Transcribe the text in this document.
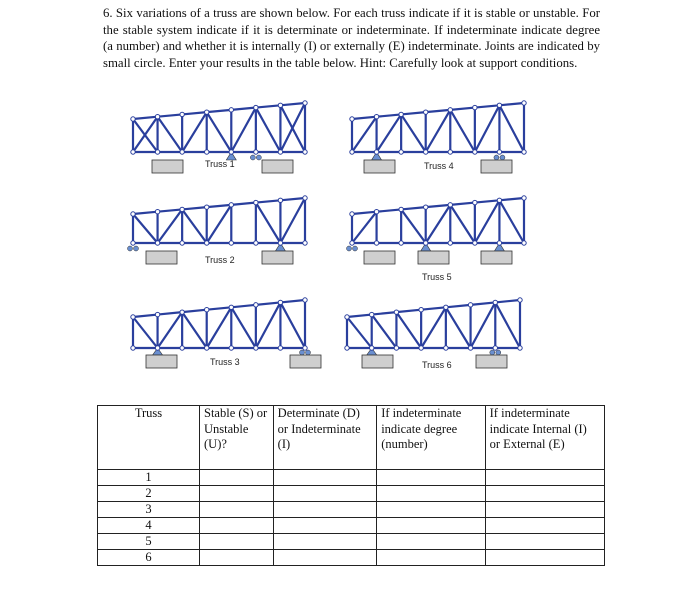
6. Six variations of a truss are shown below. For each truss indicate if it is stable or unstable. For the stable system indicate if it is determinate or indeterminate. If indeterminate indicate degree (a number) and whether it is internally (I) or externally (E) indeterminate. Joints are indicated by small circle. Enter your results in the table below. Hint: Carefully look at support conditions.
Truss 1
Truss 2
Truss 3
Truss 4
Truss 5
Truss 6
Truss	Stable (S) or Unstable (U)?	Determinate (D) or Indeterminate (I)	If indeterminate indicate degree (number)	If indeterminate indicate Internal (I) or External (E)
1				
2				
3				
4				
5				
6				
